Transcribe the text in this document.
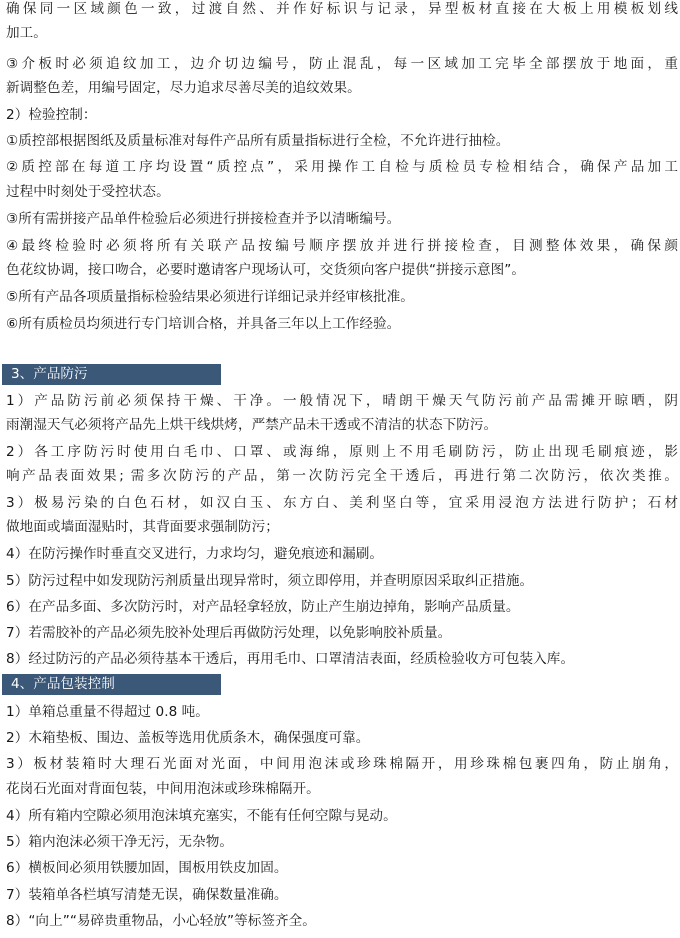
确保同一区域颜色一致，过渡自然、并作好标识与记录，异型板材直接在大板上用模板划线
加工。
③介板时必须追纹加工，边介切边编号，防止混乱，每一区域加工完毕全部摆放于地面，重
新调整色差，用编号固定，尽力追求尽善尽美的追纹效果。
2）检验控制：
①质控部根据图纸及质量标准对每件产品所有质量指标进行全检，不允许进行抽检。
②质控部在每道工序均设置“质控点”，采用操作工自检与质检员专检相结合，确保产品加工
过程中时刻处于受控状态。
③所有需拼接产品单件检验后必须进行拼接检查并予以清晰编号。
④最终检验时必须将所有关联产品按编号顺序摆放并进行拼接检查，目测整体效果，确保颜
色花纹协调，接口吻合，必要时邀请客户现场认可，交货须向客户提供“拼接示意图”。
⑤所有产品各项质量指标检验结果必须进行详细记录并经审核批准。
⑥所有质检员均须进行专门培训合格，并具备三年以上工作经验。
3、产品防污
1）产品防污前必须保持干燥、干净。一般情况下，晴朗干燥天气防污前产品需摊开晾晒，阴
雨潮湿天气必须将产品先上烘干线烘烤，严禁产品未干透或不清洁的状态下防污。
2）各工序防污时使用白毛巾、口罩、或海绵，原则上不用毛刷防污，防止出现毛刷痕迹，影
响产品表面效果; 需多次防污的产品，第一次防污完全干透后，再进行第二次防污，依次类推。
3）极易污染的白色石材，如汉白玉、东方白、美利坚白等，宜采用浸泡方法进行防护；石材
做地面或墙面湿贴时，其背面要求强制防污；
4）在防污操作时垂直交叉进行，力求均匀，避免痕迹和漏刷。
5）防污过程中如发现防污剂质量出现异常时，须立即停用，并查明原因采取纠正措施。
6）在产品多面、多次防污时，对产品轻拿轻放，防止产生崩边掉角，影响产品质量。
7）若需胶补的产品必须先胶补处理后再做防污处理，以免影响胶补质量。
8）经过防污的产品必须待基本干透后，再用毛巾、口罩清洁表面，经质检验收方可包装入库。
4、产品包装控制
1）单箱总重量不得超过 0.8 吨。
2）木箱垫板、围边、盖板等选用优质条木，确保强度可靠。
3）板材装箱时大理石光面对光面，中间用泡沫或珍珠棉隔开，用珍珠棉包裹四角，防止崩角，
花岗石光面对背面包装，中间用泡沫或珍珠棉隔开。
4）所有箱内空隙必须用泡沫填充塞实，不能有任何空隙与晃动。
5）箱内泡沫必须干净无污，无杂物。
6）横板间必须用铁腰加固，围板用铁皮加固。
7）装箱单各栏填写清楚无误，确保数量准确。
8）“向上”“易碎贵重物品，小心轻放”等标签齐全。
